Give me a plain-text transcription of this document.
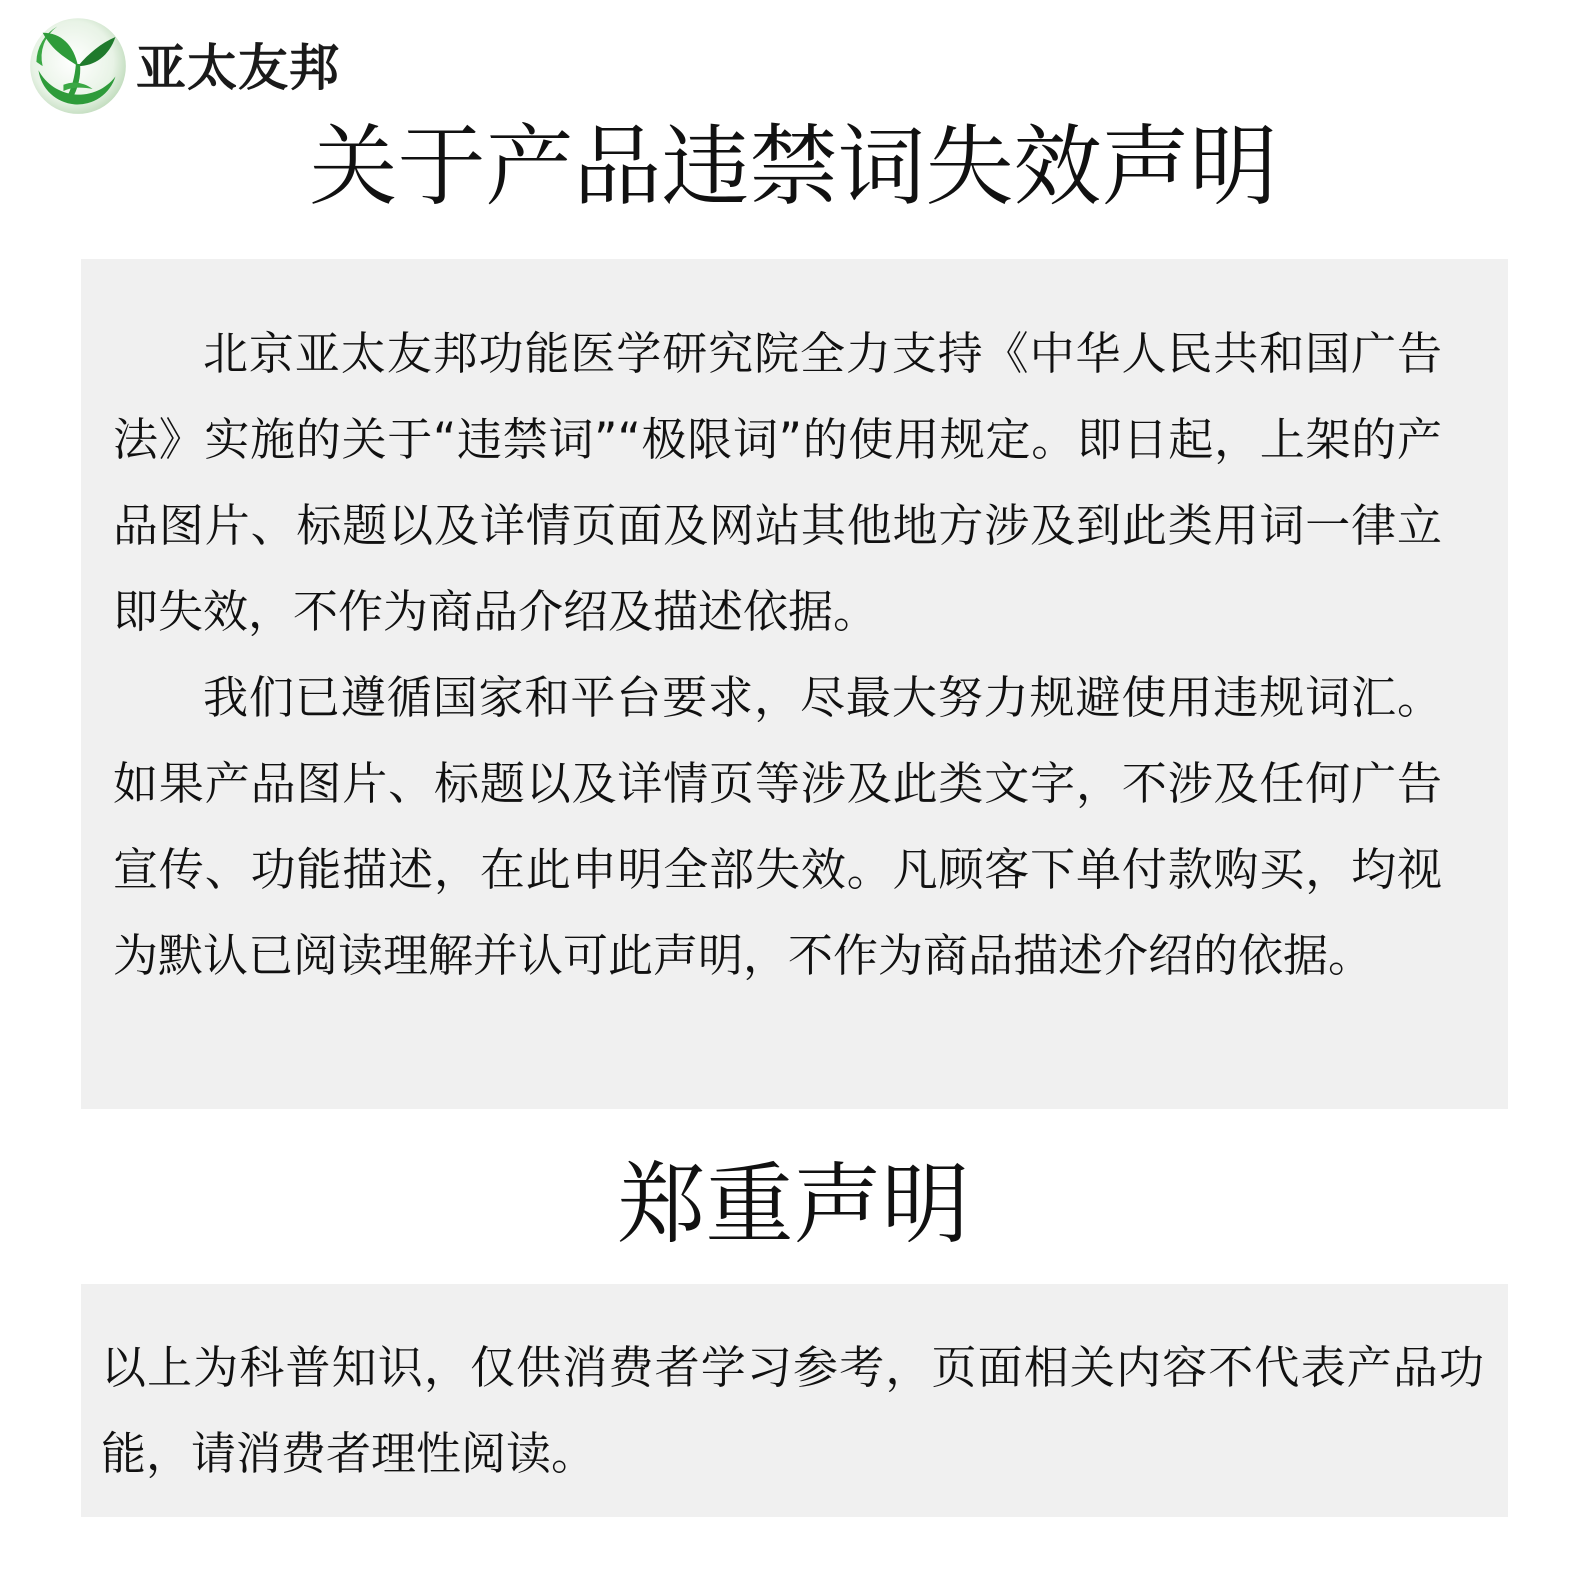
亚太友邦
关于产品违禁词失效声明

北京亚太友邦功能医学研究院全力支持《中华人民共和国广告法》实施的关于“违禁词”“极限词”的使用规定。即日起，上架的产品图片、标题以及详情页面及网站其他地方涉及到此类用词一律立即失效，不作为商品介绍及描述依据。

我们已遵循国家和平台要求，尽最大努力规避使用违规词汇。如果产品图片、标题以及详情页等涉及此类文字，不涉及任何广告宣传、功能描述，在此申明全部失效。凡顾客下单付款购买，均视为默认已阅读理解并认可此声明，不作为商品描述介绍的依据。

郑重声明

以上为科普知识，仅供消费者学习参考，页面相关内容不代表产品功能，请消费者理性阅读。
